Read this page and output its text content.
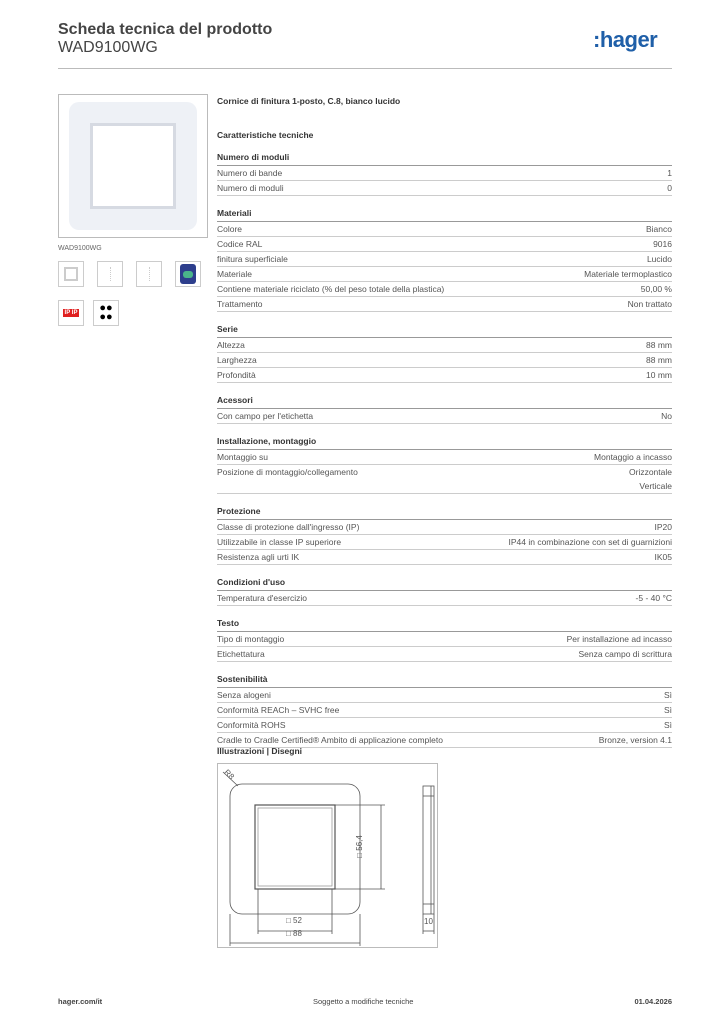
Scheda tecnica del prodotto
WAD9100WG	:hager
WAD9100WG
IP IP	●●
●●
Cornice di finitura 1-posto, C.8, bianco lucido
Caratteristiche tecniche
Numero di moduli
Numero di bande	1
Numero di moduli	0
Materiali
Colore	Bianco
Codice RAL	9016
finitura superficiale	Lucido
Materiale	Materiale termoplastico
Contiene materiale riciclato (% del peso totale della plastica)	50,00 %
Trattamento	Non trattato
Serie
Altezza	88 mm
Larghezza	88 mm
Profondità	10 mm
Acessori
Con campo per l'etichetta	No
Installazione, montaggio
Montaggio su	Montaggio a incasso
Posizione di montaggio/collegamento	Orizzontale
Verticale
Protezione
Classe di protezione dall'ingresso (IP)	IP20
Utilizzabile in classe IP superiore	IP44 in combinazione con set di guarnizioni
Resistenza agli urti IK	IK05
Condizioni d'uso
Temperatura d'esercizio	-5 - 40 °C
Testo
Tipo di montaggio	Per installazione ad incasso
Etichettatura	Senza campo di scrittura
Sostenibilità
Senza alogeni	Sì
Conformità REACh – SVHC free	Sì
Conformità ROHS	Sì
Cradle to Cradle Certified® Ambito di applicazione completo	Bronze, version 4.1
Illustrazioni | Disegni
R8
□ 56,4
□ 52
□ 88
10
hager.com/it	Soggetto a modifiche tecniche	01.04.2026
